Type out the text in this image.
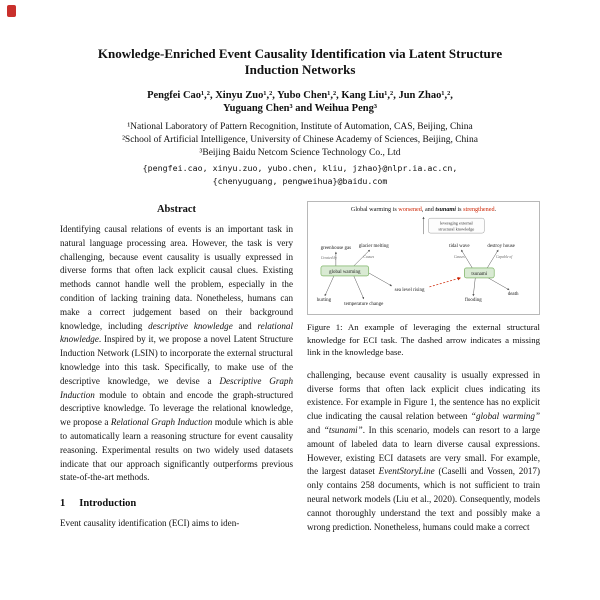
Knowledge-Enriched Event Causality Identification via Latent Structure Induction Networks
Pengfei Cao¹,², Xinyu Zuo¹,², Yubo Chen¹,², Kang Liu¹,², Jun Zhao¹,²,
Yuguang Chen³ and Weihua Peng³
¹National Laboratory of Pattern Recognition, Institute of Automation, CAS, Beijing, China
²School of Artificial Intelligence, University of Chinese Academy of Sciences, Beijing, China
³Beijing Baidu Netcom Science Technology Co., Ltd
{pengfei.cao, xinyu.zuo, yubo.chen, kliu, jzhao}@nlpr.ia.ac.cn,
{chenyuguang, pengweihua}@baidu.com
Abstract

Identifying causal relations of events is an important task in natural language processing area. However, the task is very challenging, because event causality is usually expressed in diverse forms that often lack explicit causal clues. Existing methods cannot handle well the problem, especially in the condition of lacking training data. Nonetheless, humans can make a correct judgement based on their background knowledge, including descriptive knowledge and relational knowledge. Inspired by it, we propose a novel Latent Structure Induction Network (LSIN) to incorporate the external structural knowledge into this task. Specifically, to make use of the descriptive knowledge, we devise a Descriptive Graph Induction module to obtain and encode the graph-structured descriptive knowledge. To leverage the relational knowledge, we propose a Relational Graph Induction module which is able to automatically learn a reasoning structure for event causality reasoning. Experimental results on two widely used datasets indicate that our approach significantly outperforms previous state-of-the-art methods.

1 Introduction

Event causality identification (ECI) aims to iden-

Global warming is worsened, and tsunami is strengthened.
leveraging external
structural knowledge
greenhouse gas glacier melting
Created by	Causes
global warming
hurting
temperature change
sea level rising
tidal wave	destroy house
Causes	Capable of
tsunami
flooding
death
Figure 1: An example of leveraging the external structural knowledge for ECI task. The dashed arrow indicates a missing link in the knowledge base.

challenging, because event causality is usually expressed in diverse forms that often lack explicit clues indicating its existence. For example in Figure 1, the sentence has no explicit clue indicating the causal relation between “global warming” and “tsunami”. In this scenario, models can resort to a large amount of labeled data to learn diverse causal expressions. However, existing ECI datasets are very small. For example, the largest dataset EventStoryLine (Caselli and Vossen, 2017) only contains 258 documents, which is not sufficient to train neural network models (Liu et al., 2020). Consequently, models cannot thoroughly understand the text and possibly make a wrong prediction. Nonetheless, humans could make a correct
